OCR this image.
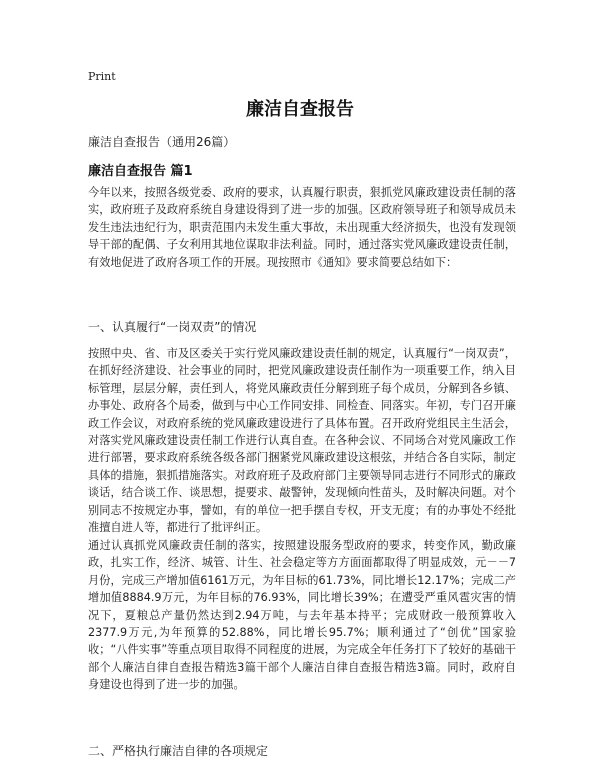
Print
廉洁自查报告
廉洁自查报告（通用26篇）
廉洁自查报告 篇1

今年以来，按照各级党委、政府的要求，认真履行职责，狠抓党风廉政建设责任制的落实，政府班子及政府系统自身建设得到了进一步的加强。区政府领导班子和领导成员未发生违法违纪行为，职责范围内未发生重大事故，未出现重大经济损失，也没有发现领导干部的配偶、子女利用其地位谋取非法利益。同时，通过落实党风廉政建设责任制，有效地促进了政府各项工作的开展。现按照市《通知》要求简要总结如下：

一、认真履行“一岗双责”的情况

按照中央、省、市及区委关于实行党风廉政建设责任制的规定，认真履行“一岗双责”，在抓好经济建设、社会事业的同时，把党风廉政建设责任制作为一项重要工作，纳入目标管理，层层分解，责任到人，将党风廉政责任分解到班子每个成员，分解到各乡镇、办事处、政府各个局委，做到与中心工作同安排、同检查、同落实。年初，专门召开廉政工作会议，对政府系统的党风廉政建设进行了具体布置。召开政府党组民主生活会，对落实党风廉政建设责任制工作进行认真自查。在各种会议、不同场合对党风廉政工作进行部署，要求政府系统各级各部门捆紧党风廉政建设这根弦，并结合各自实际，制定具体的措施，狠抓措施落实。对政府班子及政府部门主要领导同志进行不同形式的廉政谈话，结合谈工作、谈思想，提要求、敲警钟，发现倾向性苗头，及时解决问题。对个别同志不按规定办事，譬如，有的单位一把手摆自专权，开支无度；有的办事处不经批准擅自进人等，都进行了批评纠正。

通过认真抓党风廉政责任制的落实，按照建设服务型政府的要求，转变作风，勤政廉政，扎实工作，经济、城管、计生、社会稳定等方方面面都取得了明显成效，元－－7月份，完成三产增加值6161万元，为年目标的61.73%，同比增长12.17%；完成二产增加值8884.9万元，为年目标的76.93%，同比增长39%；在遭受严重风雹灾害的情况下，夏粮总产量仍然达到2.94万吨，与去年基本持平；完成财政一般预算收入2377.9万元,为年预算的52.88%，同比增长95.7%；顺利通过了“创优”国家验收；“八件实事”等重点项目取得不同程度的进展，为完成全年任务打下了较好的基础干部个人廉洁自律自查报告精选3篇干部个人廉洁自律自查报告精选3篇。同时，政府自身建设也得到了进一步的加强。

二、严格执行廉洁自律的各项规定
